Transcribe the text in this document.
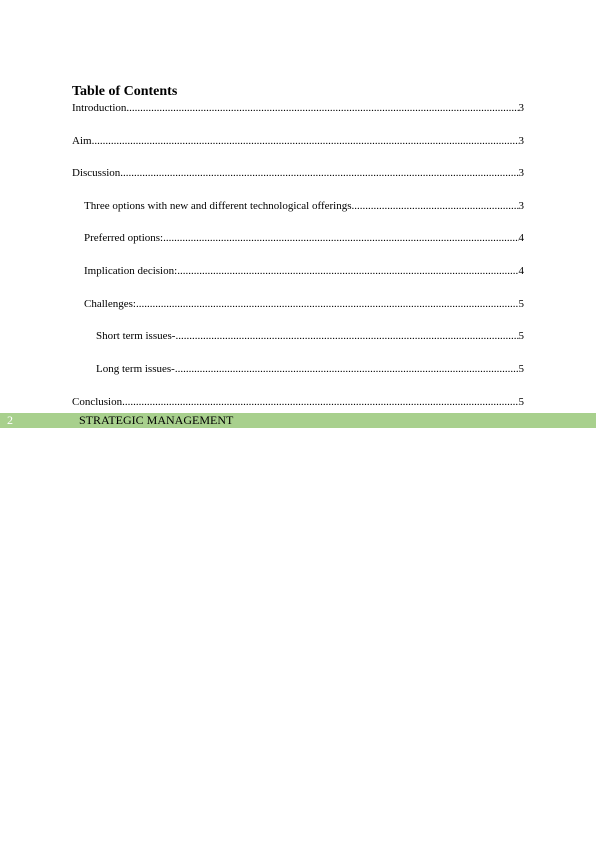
Table of Contents
Introduction .....	3
Aim .....	3
Discussion .....	3
Three options with new and different technological offerings .....	3
Preferred options: .....	4
Implication decision: .....	4
Challenges: .....	5
Short term issues- .....	5
Long term issues- .....	5
Conclusion .....	5
2	STRATEGIC MANAGEMENT
